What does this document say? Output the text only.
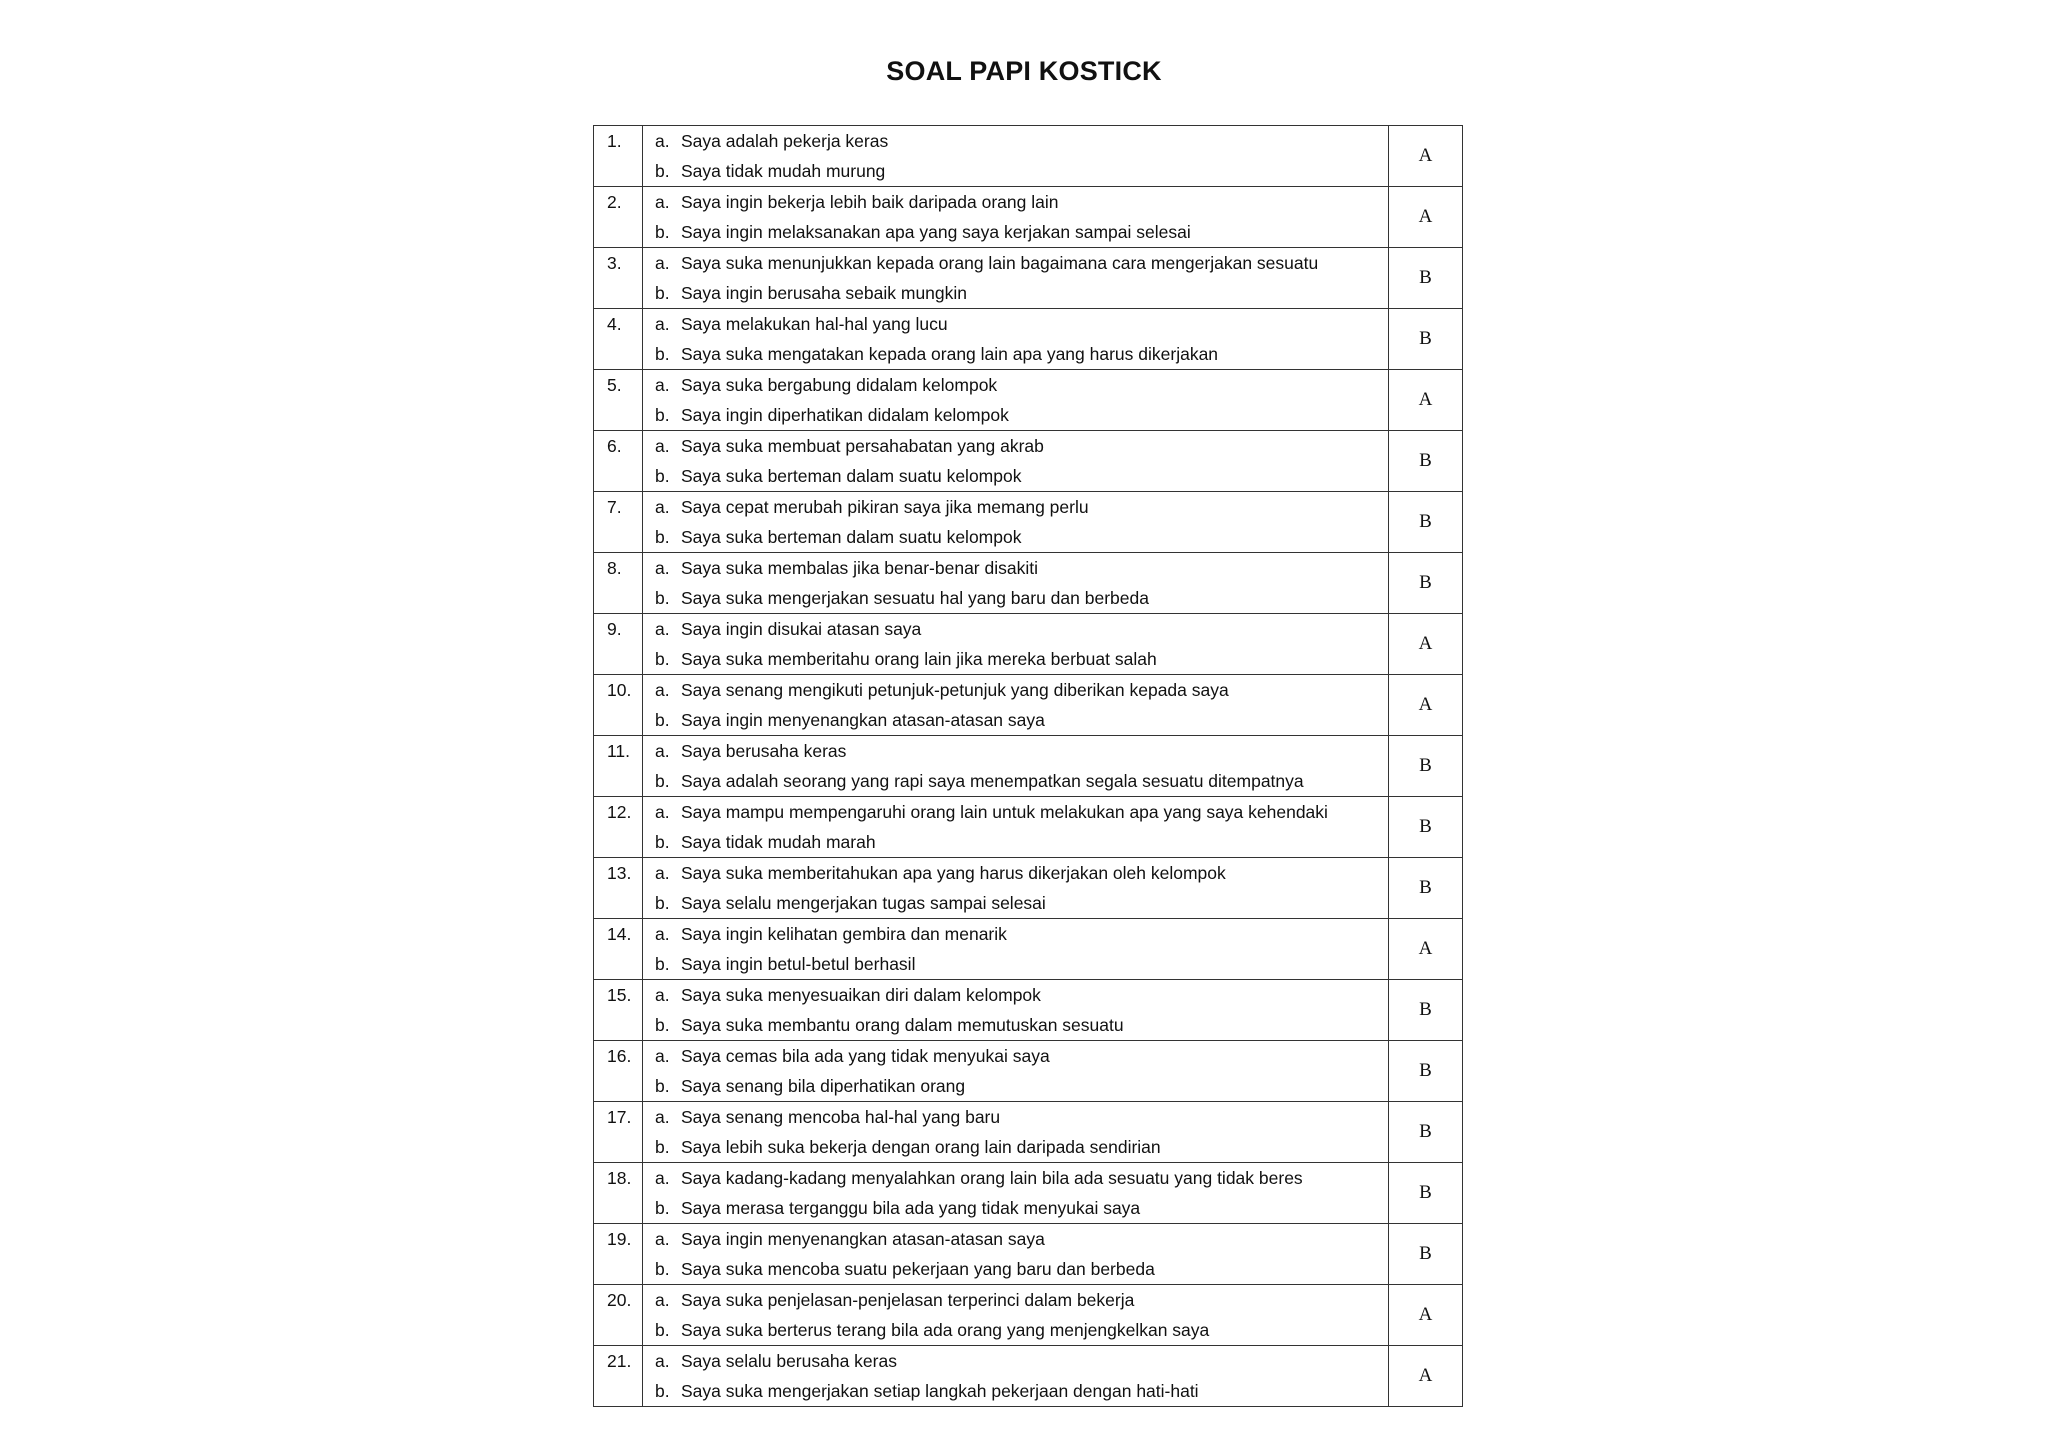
SOAL PAPI KOSTICK
1.	a. Saya adalah pekerja keras
b. Saya tidak mudah murung	A
2.	a. Saya ingin bekerja lebih baik daripada orang lain
b. Saya ingin melaksanakan apa yang saya kerjakan sampai selesai	A
3.	a. Saya suka menunjukkan kepada orang lain bagaimana cara mengerjakan sesuatu
b. Saya ingin berusaha sebaik mungkin	B
4.	a. Saya melakukan hal-hal yang lucu
b. Saya suka mengatakan kepada orang lain apa yang harus dikerjakan	B
5.	a. Saya suka bergabung didalam kelompok
b. Saya ingin diperhatikan didalam kelompok	A
6.	a. Saya suka membuat persahabatan yang akrab
b. Saya suka berteman dalam suatu kelompok	B
7.	a. Saya cepat merubah pikiran saya jika memang perlu
b. Saya suka berteman dalam suatu kelompok	B
8.	a. Saya suka membalas jika benar-benar disakiti
b. Saya suka mengerjakan sesuatu hal yang baru dan berbeda	B
9.	a. Saya ingin disukai atasan saya
b. Saya suka memberitahu orang lain jika mereka berbuat salah	A
10.	a. Saya senang mengikuti petunjuk-petunjuk yang diberikan kepada saya
b. Saya ingin menyenangkan atasan-atasan saya	A
11.	a. Saya berusaha keras
b. Saya adalah seorang yang rapi saya menempatkan segala sesuatu ditempatnya	B
12.	a. Saya mampu mempengaruhi orang lain untuk melakukan apa yang saya kehendaki
b. Saya tidak mudah marah	B
13.	a. Saya suka memberitahukan apa yang harus dikerjakan oleh kelompok
b. Saya selalu mengerjakan tugas sampai selesai	B
14.	a. Saya ingin kelihatan gembira dan menarik
b. Saya ingin betul-betul berhasil	A
15.	a. Saya suka menyesuaikan diri dalam kelompok
b. Saya suka membantu orang dalam memutuskan sesuatu	B
16.	a. Saya cemas bila ada yang tidak menyukai saya
b. Saya senang bila diperhatikan orang	B
17.	a. Saya senang mencoba hal-hal yang baru
b. Saya lebih suka bekerja dengan orang lain daripada sendirian	B
18.	a. Saya kadang-kadang menyalahkan orang lain bila ada sesuatu yang tidak beres
b. Saya merasa terganggu bila ada yang tidak menyukai saya	B
19.	a. Saya ingin menyenangkan atasan-atasan saya
b. Saya suka mencoba suatu pekerjaan yang baru dan berbeda	B
20.	a. Saya suka penjelasan-penjelasan terperinci dalam bekerja
b. Saya suka berterus terang bila ada orang yang menjengkelkan saya	A
21.	a. Saya selalu berusaha keras
b. Saya suka mengerjakan setiap langkah pekerjaan dengan hati-hati	A
